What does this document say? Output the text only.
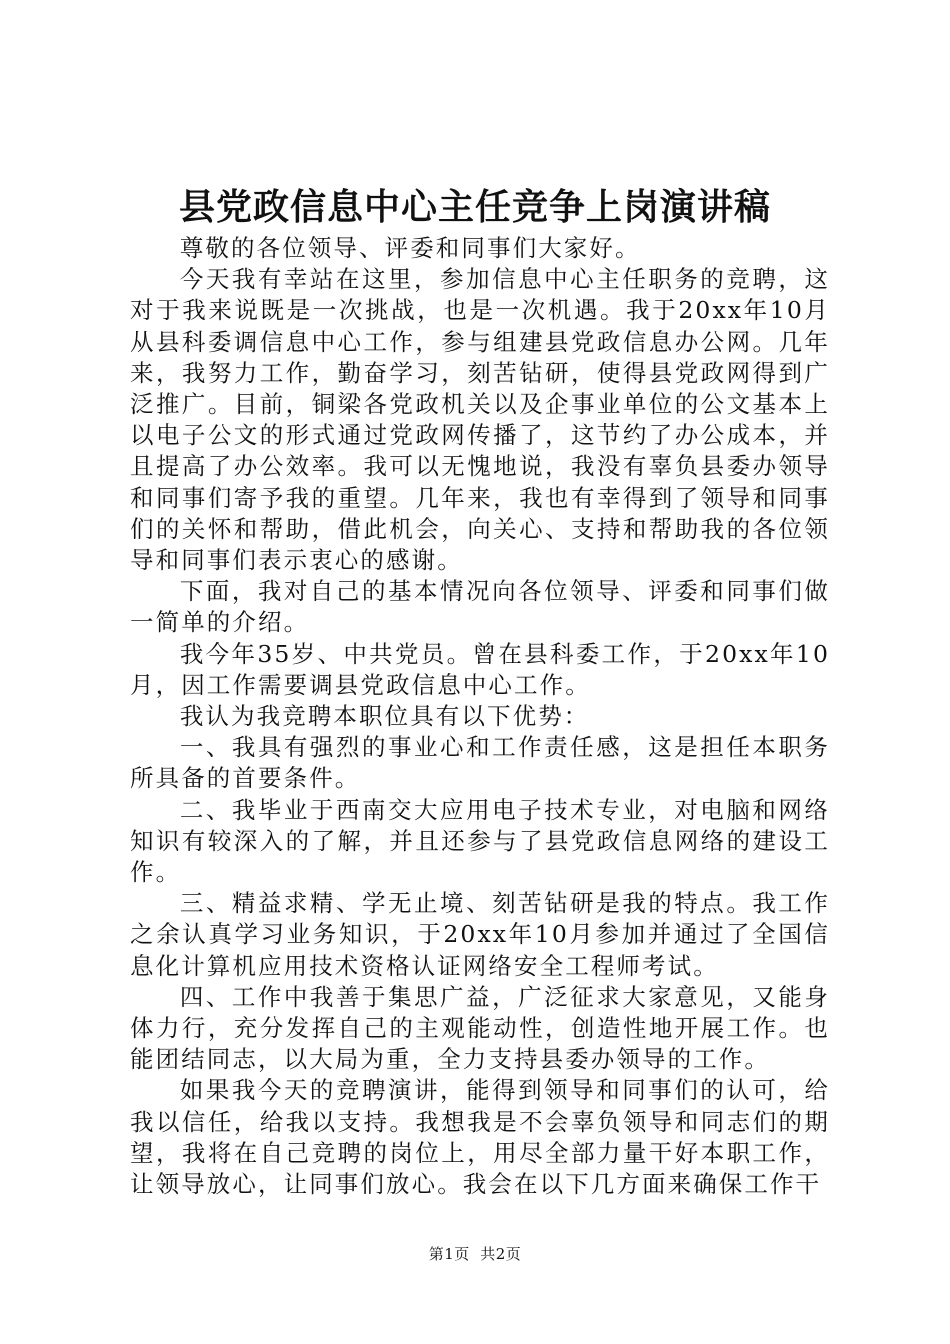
县党政信息中心主任竞争上岗演讲稿

尊敬的各位领导、评委和同事们大家好。

今天我有幸站在这里，参加信息中心主任职务的竞聘，这对于我来说既是一次挑战，也是一次机遇。我于20xx年10月从县科委调信息中心工作，参与组建县党政信息办公网。几年来，我努力工作，勤奋学习，刻苦钻研，使得县党政网得到广泛推广。目前，铜梁各党政机关以及企事业单位的公文基本上以电子公文的形式通过党政网传播了，这节约了办公成本，并且提高了办公效率。我可以无愧地说，我没有辜负县委办领导和同事们寄予我的重望。几年来，我也有幸得到了领导和同事们的关怀和帮助，借此机会，向关心、支持和帮助我的各位领导和同事们表示衷心的感谢。

下面，我对自己的基本情况向各位领导、评委和同事们做一简单的介绍。

我今年35岁、中共党员。曾在县科委工作，于20xx年10月，因工作需要调县党政信息中心工作。

我认为我竞聘本职位具有以下优势：

一、我具有强烈的事业心和工作责任感，这是担任本职务所具备的首要条件。

二、我毕业于西南交大应用电子技术专业，对电脑和网络知识有较深入的了解，并且还参与了县党政信息网络的建设工作。

三、精益求精、学无止境、刻苦钻研是我的特点。我工作之余认真学习业务知识，于20xx年10月参加并通过了全国信息化计算机应用技术资格认证网络安全工程师考试。

四、工作中我善于集思广益，广泛征求大家意见，又能身体力行，充分发挥自己的主观能动性，创造性地开展工作。也能团结同志，以大局为重，全力支持县委办领导的工作。

如果我今天的竞聘演讲，能得到领导和同事们的认可，给我以信任，给我以支持。我想我是不会辜负领导和同志们的期望，我将在自己竞聘的岗位上，用尽全部力量干好本职工作，让领导放心，让同事们放心。我会在以下几方面来确保工作干

第1页  共2页
